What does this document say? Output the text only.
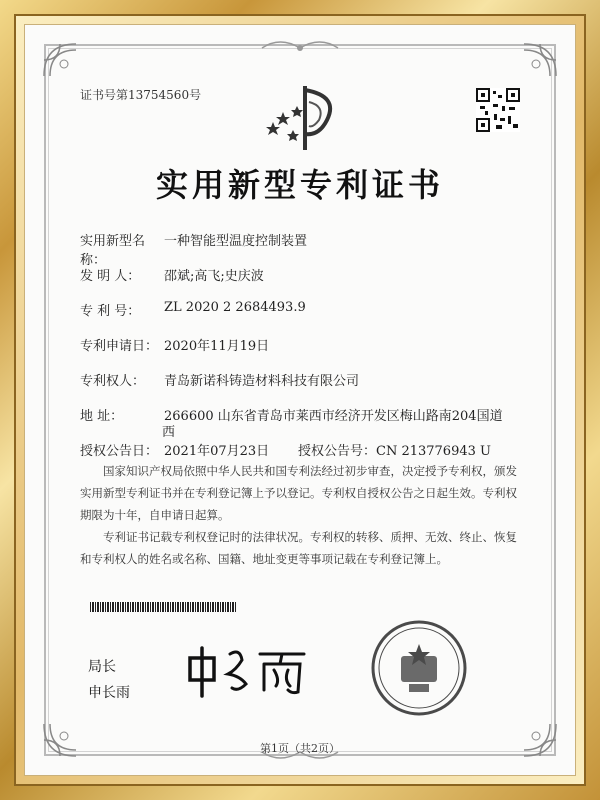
证书号第13754560号
实用新型专利证书
实用新型名称：
一种智能型温度控制装置
发 明 人： 邵斌;高飞;史庆波
专 利 号： ZL 2020 2 2684493.9
专利申请日： 2020年11月19日
专利权人： 青岛新诺科铸造材料科技有限公司
地 址：	266600 山东省青岛市莱西市经济开发区梅山路南204国道
西
授权公告日： 2021年07月23日 授权公告号：CN 213776943 U
国家知识产权局依照中华人民共和国专利法经过初步审查，决定授予专利权，颁发实用新型专利证书并在专利登记簿上予以登记。专利权自授权公告之日起生效。专利权期限为十年，自申请日起算。
专利证书记载专利权登记时的法律状况。专利权的转移、质押、无效、终止、恢复和专利权人的姓名或名称、国籍、地址变更等事项记载在专利登记簿上。
局长
申长雨
第1页（共2页）
